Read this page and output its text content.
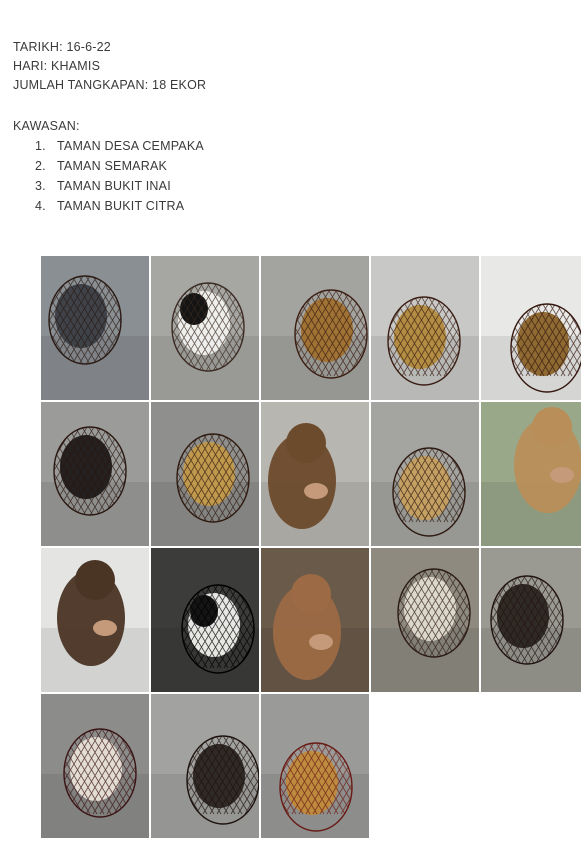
TARIKH: 16-6-22
HARI: KHAMIS
JUMLAH TANGKAPAN: 18 EKOR
KAWASAN:
1. TAMAN DESA CEMPAKA
2. TAMAN SEMARAK
3. TAMAN BUKIT INAI
4. TAMAN BUKIT CITRA
